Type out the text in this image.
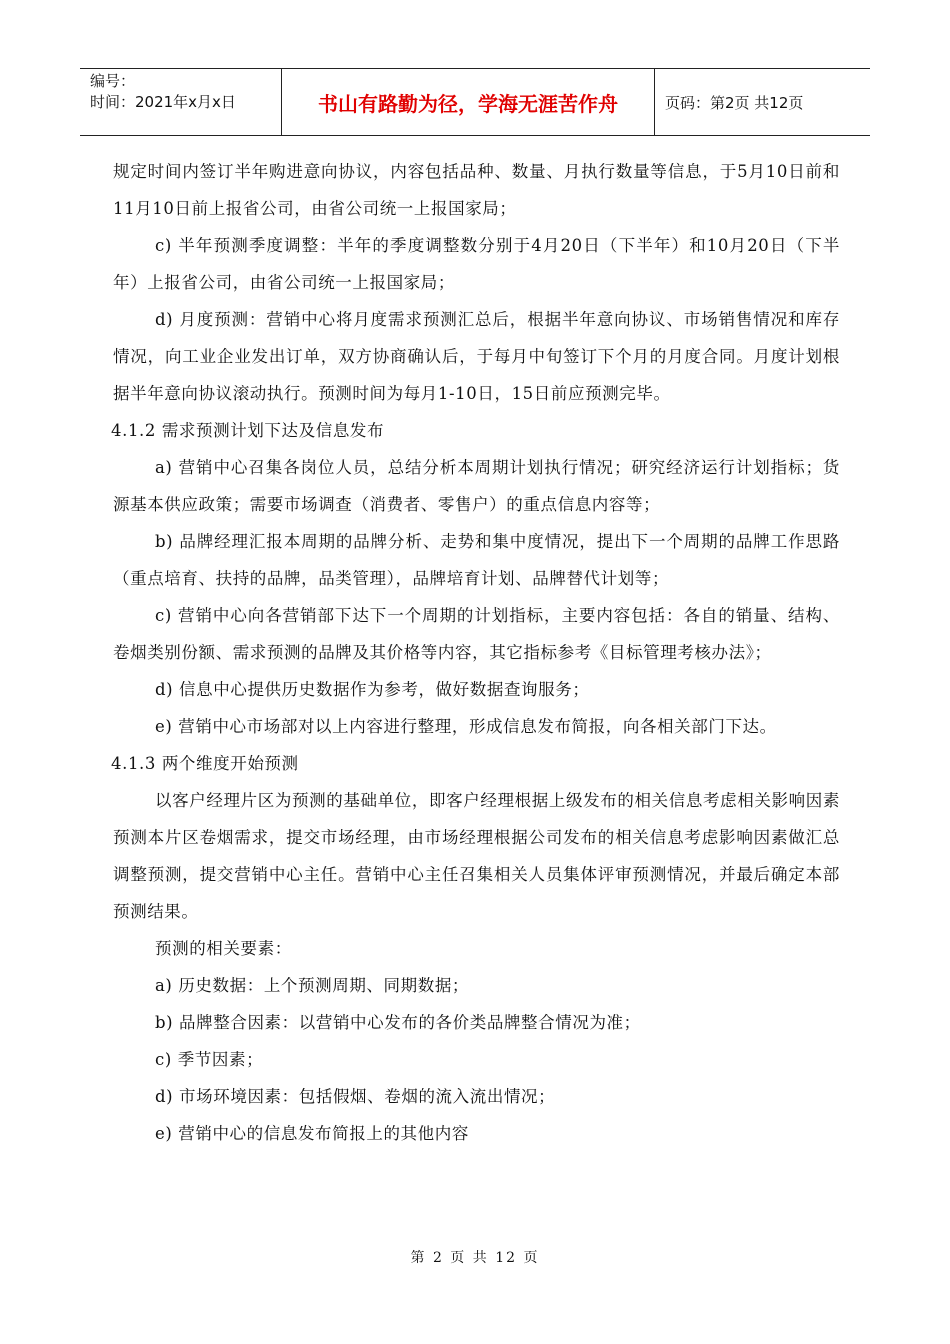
编号：
时间：2021年x月x日	书山有路勤为径，学海无涯苦作舟	页码：第2页 共12页

规定时间内签订半年购进意向协议，内容包括品种、数量、月执行数量等信息，于5月10日前和11月10日前上报省公司，由省公司统一上报国家局；

c) 半年预测季度调整：半年的季度调整数分别于4月20日（下半年）和10月20日（下半年）上报省公司，由省公司统一上报国家局；

d) 月度预测：营销中心将月度需求预测汇总后，根据半年意向协议、市场销售情况和库存情况，向工业企业发出订单，双方协商确认后，于每月中旬签订下个月的月度合同。月度计划根据半年意向协议滚动执行。预测时间为每月1-10日，15日前应预测完毕。

4.1.2 需求预测计划下达及信息发布

a) 营销中心召集各岗位人员，总结分析本周期计划执行情况；研究经济运行计划指标；货源基本供应政策；需要市场调查（消费者、零售户）的重点信息内容等；

b) 品牌经理汇报本周期的品牌分析、走势和集中度情况，提出下一个周期的品牌工作思路（重点培育、扶持的品牌，品类管理），品牌培育计划、品牌替代计划等；

c) 营销中心向各营销部下达下一个周期的计划指标，主要内容包括：各自的销量、结构、卷烟类别份额、需求预测的品牌及其价格等内容，其它指标参考《目标管理考核办法》；

d) 信息中心提供历史数据作为参考，做好数据查询服务；

e) 营销中心市场部对以上内容进行整理，形成信息发布简报，向各相关部门下达。

4.1.3 两个维度开始预测

以客户经理片区为预测的基础单位，即客户经理根据上级发布的相关信息考虑相关影响因素预测本片区卷烟需求，提交市场经理，由市场经理根据公司发布的相关信息考虑影响因素做汇总调整预测，提交营销中心主任。营销中心主任召集相关人员集体评审预测情况，并最后确定本部预测结果。

预测的相关要素：

a) 历史数据：上个预测周期、同期数据；

b) 品牌整合因素：以营销中心发布的各价类品牌整合情况为准；

c) 季节因素；

d) 市场环境因素：包括假烟、卷烟的流入流出情况；

e) 营销中心的信息发布简报上的其他内容

第 2 页 共 12 页
